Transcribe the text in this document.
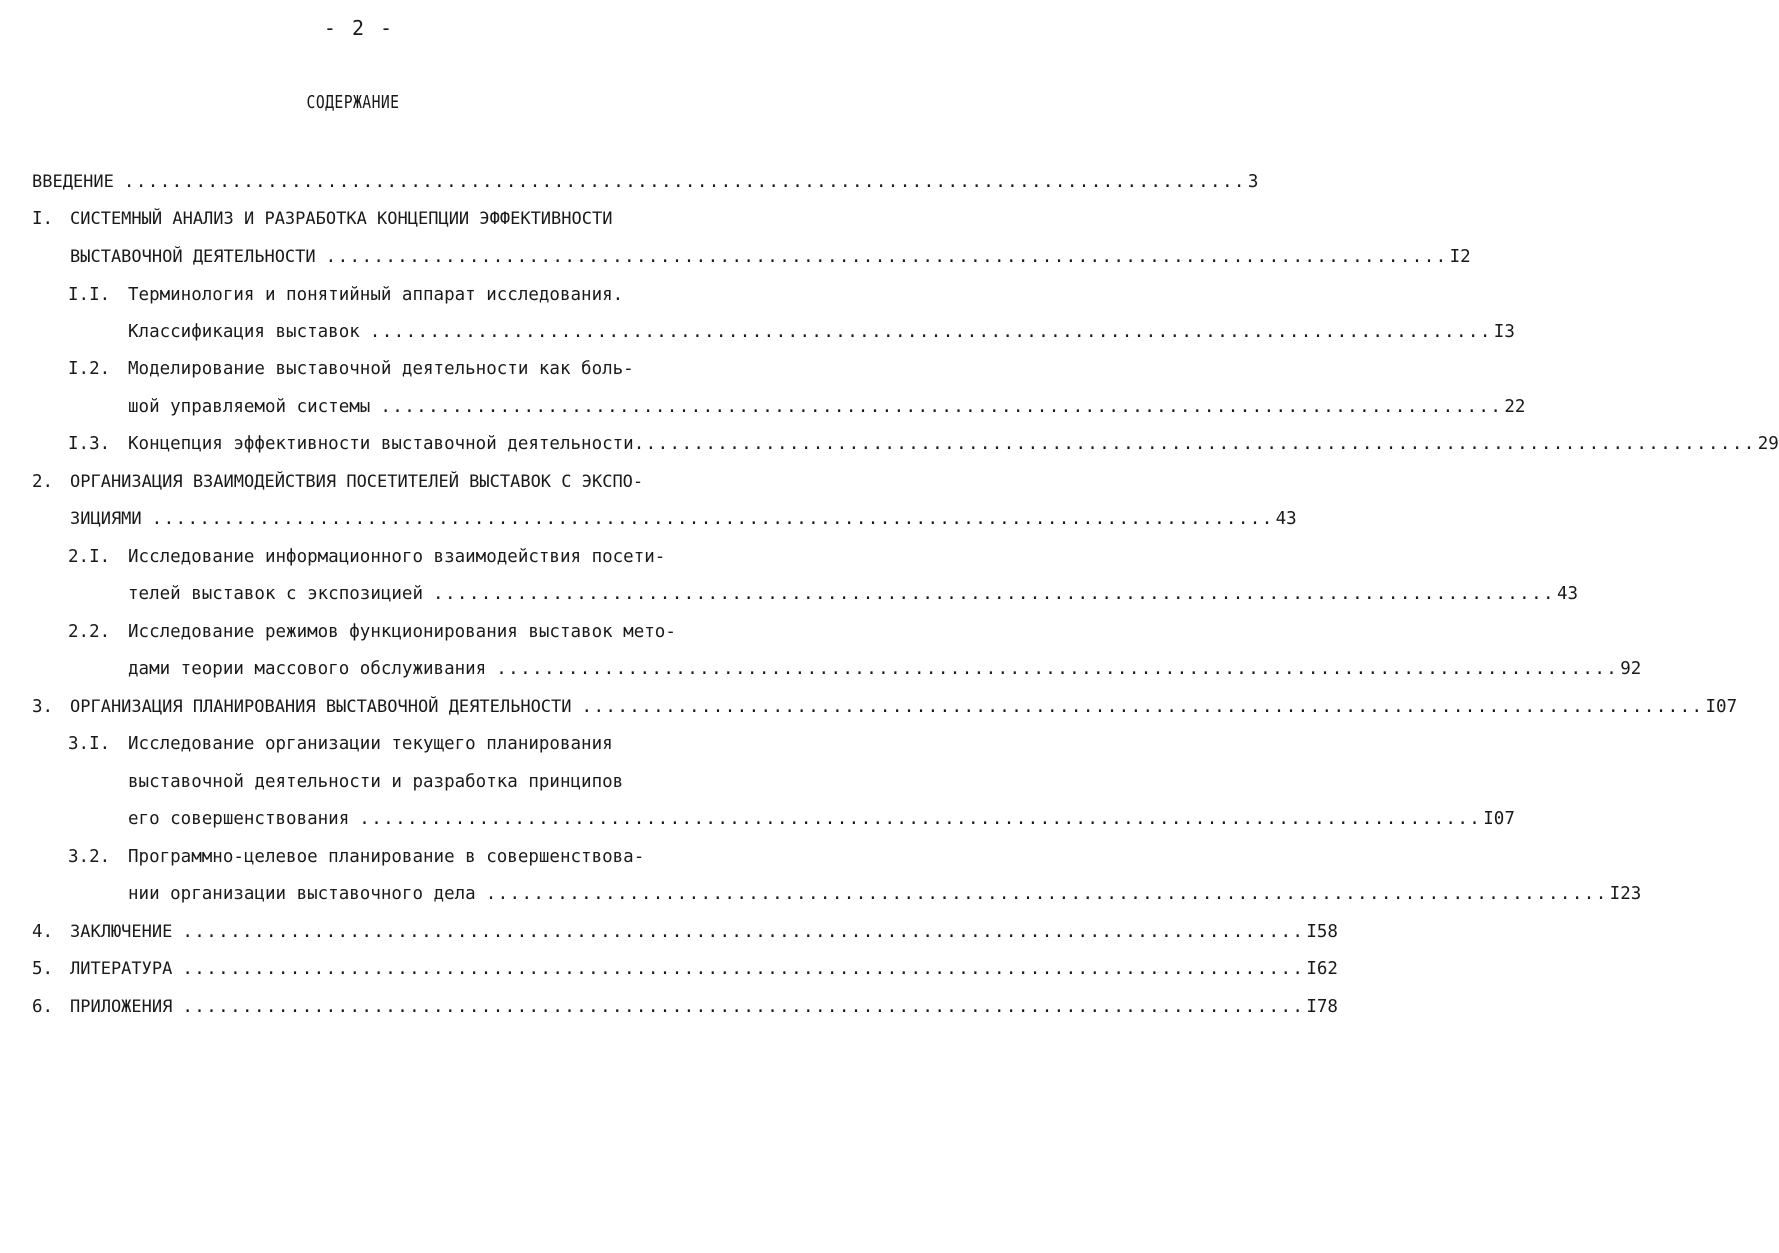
- 2 -
СОДЕРЖАНИЕ
ВВЕДЕНИЕ .............................................................................................. 3
I. СИСТЕМНЫЙ АНАЛИЗ И РАЗРАБОТКА КОНЦЕПЦИИ ЭФФЕКТИВНОСТИ
ВЫСТАВОЧНОЙ ДЕЯТЕЛЬНОСТИ .............................................................................................. I2
I.I. Терминология и понятийный аппарат исследования.
Классификация выставок .............................................................................................. I3
I.2. Моделирование выставочной деятельности как боль-
шой управляемой системы .............................................................................................. 22
I.3. Концепция эффективности выставочной деятельности .............................................................................................. 29
2. ОРГАНИЗАЦИЯ ВЗАИМОДЕЙСТВИЯ ПОСЕТИТЕЛЕЙ ВЫСТАВОК С ЭКСПО-
ЗИЦИЯМИ .............................................................................................. 43
2.I. Исследование информационного взаимодействия посети-
телей выставок с экспозицией .............................................................................................. 43
2.2. Исследование режимов функционирования выставок мето-
дами теории массового обслуживания .............................................................................................. 92
3. ОРГАНИЗАЦИЯ ПЛАНИРОВАНИЯ ВЫСТАВОЧНОЙ ДЕЯТЕЛЬНОСТИ .............................................................................................. I07
3.I. Исследование организации текущего планирования
выставочной деятельности и разработка принципов
его совершенствования .............................................................................................. I07
3.2. Программно-целевое планирование в совершенствова-
нии организации выставочного дела .............................................................................................. I23
4. ЗАКЛЮЧЕНИЕ .............................................................................................. I58
5. ЛИТЕРАТУРА .............................................................................................. I62
6. ПРИЛОЖЕНИЯ .............................................................................................. I78
